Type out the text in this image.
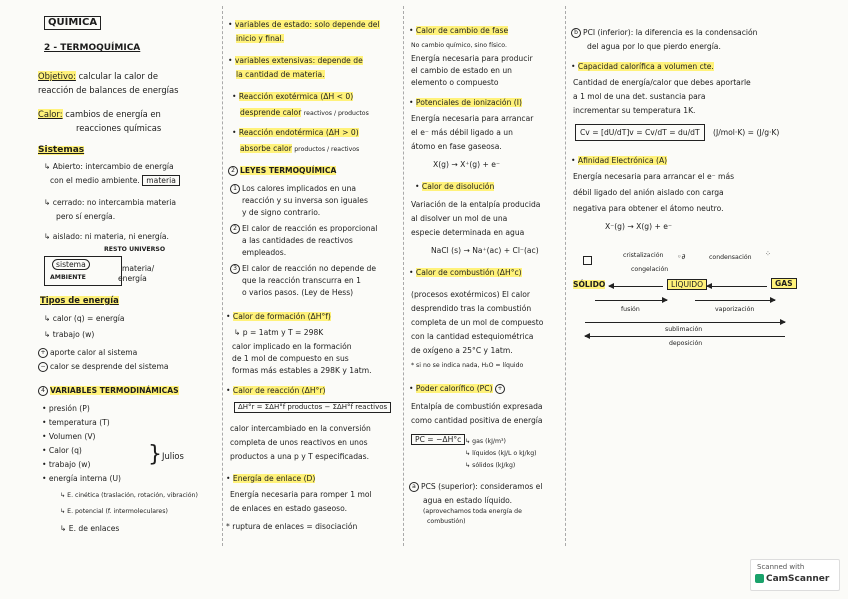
QUÍMICA
2 - TERMOQUÍMICA
Objetivo: calcular la calor de
reacción de balances de energías
Calor: cambios de energía en
reacciones químicas
Sistemas
↳ Abierto: intercambio de energía
con el medio ambiente. materia
↳ cerrado: no intercambia materia
pero sí energía.
↳ aislado: ni materia, ni energía.
RESTO UNIVERSO
sistema
AMBIENTE
materia/
energía
Tipos de energía
↳ calor (q) = energía
↳ trabajo (w)
+ aporte calor al sistema
− calor se desprende del sistema
4 VARIABLES TERMODINÁMICAS
• presión (P)
• temperatura (T)
• Volumen (V)
• Calor (q)
• trabajo (w)
• energía interna (U)
} Julios
↳ E. cinética (traslación, rotación, vibración)
↳ E. potencial (f. intermoleculares)
↳ E. de enlaces
• variables de estado: solo depende del
inicio y final.
• variables extensivas: depende de
la cantidad de materia.
• Reacción exotérmica (ΔH < 0)
desprende calor reactivos / productos
• Reacción endotérmica (ΔH > 0)
absorbe calor productos / reactivos
2 LEYES TERMOQUÍMICA
1 Los calores implicados en una
reacción y su inversa son iguales
y de signo contrario.
2 El calor de reacción es proporcional
a las cantidades de reactivos
empleados.
3 El calor de reacción no depende de
que la reacción transcurra en 1
o varios pasos. (Ley de Hess)
• Calor de formación (ΔH°f)
↳ p = 1atm y T = 298K
calor implicado en la formación
de 1 mol de compuesto en sus
formas más estables a 298K y 1atm.
• Calor de reacción (ΔH°r)
ΔH°r = ΣΔH°f productos − ΣΔH°f reactivos
calor intercambiado en la conversión
completa de unos reactivos en unos
productos a una p y T especificadas.
• Energía de enlace (D)
Energía necesaria para romper 1 mol
de enlaces en estado gaseoso.
* ruptura de enlaces = disociación
• Calor de cambio de fase
No cambio químico, sino físico.
Energía necesaria para producir
el cambio de estado en un
elemento o compuesto
• Potenciales de ionización (I)
Energía necesaria para arrancar
el e⁻ más débil ligado a un
átomo en fase gaseosa.
X(g) → X⁺(g) + e⁻
• Calor de disolución
Variación de la entalpía producida
al disolver un mol de una
especie determinada en agua
NaCl (s) → Na⁺(ac) + Cl⁻(ac)
• Calor de combustión (ΔH°c)
(procesos exotérmicos) El calor
desprendido tras la combustión
completa de un mol de compuesto
con la cantidad estequiométrica
de oxígeno a 25°C y 1atm.
* si no se indica nada, H₂O = líquido
• Poder calorífico (PC) +
Entalpía de combustión expresada
como cantidad positiva de energía
PC = −ΔH°c ↳ gas (kJ/m³)
↳ líquidos (kJ/L o kJ/kg)
↳ sólidos (kJ/kg)
a PCS (superior): consideramos el
agua en estado líquido.
(aprovechamos toda energía de
combustión)
b PCI (inferior): la diferencia es la condensación
del agua por lo que pierdo energía.
• Capacidad calorífica a volumen cte.
Cantidad de energía/calor que debes aportarle
a 1 mol de una det. sustancia para
incrementar su temperatura 1K.
Cv = [dU/dT]v = Cv/dT = du/dT	(J/mol·K) = (J/g·K)
• Afinidad Electrónica (A)
Energía necesaria para arrancar el e⁻ más
débil ligado del anión aislado con carga
negativa para obtener el átomo neutro.
X⁻(g) → X(g) + e⁻
cristalización
congelación
◦∂	condensación ⁘
SÓLIDO	LÍQUIDO	GAS
fusión	vaporización
sublimación
deposición
Scanned with
CamScanner
